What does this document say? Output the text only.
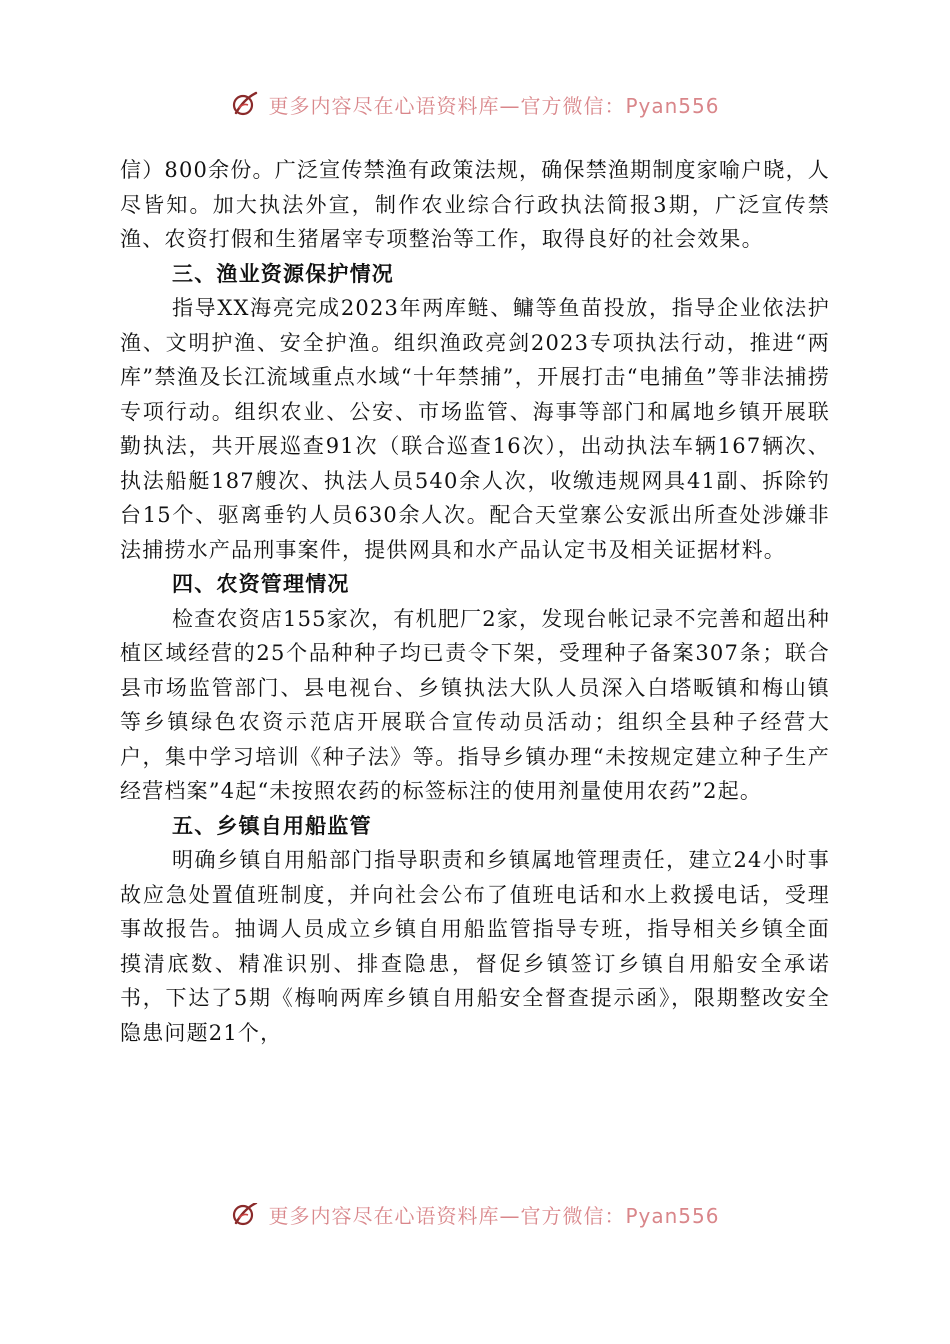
更多内容尽在心语资料库—官方微信：Pyan556

信）800余份。广泛宣传禁渔有政策法规，确保禁渔期制度家喻户晓，人尽皆知。加大执法外宣，制作农业综合行政执法简报3期，广泛宣传禁渔、农资打假和生猪屠宰专项整治等工作，取得良好的社会效果。

三、渔业资源保护情况

指导XX海亮完成2023年两库鲢、鳙等鱼苗投放，指导企业依法护渔、文明护渔、安全护渔。组织渔政亮剑2023专项执法行动，推进“两库”禁渔及长江流域重点水域“十年禁捕”，开展打击“电捕鱼”等非法捕捞专项行动。组织农业、公安、市场监管、海事等部门和属地乡镇开展联勤执法，共开展巡查91次（联合巡查16次），出动执法车辆167辆次、执法船艇187艘次、执法人员540余人次，收缴违规网具41副、拆除钓台15个、驱离垂钓人员630余人次。配合天堂寨公安派出所查处涉嫌非法捕捞水产品刑事案件，提供网具和水产品认定书及相关证据材料。

四、农资管理情况

检查农资店155家次，有机肥厂2家，发现台帐记录不完善和超出种植区域经营的25个品种种子均已责令下架，受理种子备案307条；联合县市场监管部门、县电视台、乡镇执法大队人员深入白塔畈镇和梅山镇等乡镇绿色农资示范店开展联合宣传动员活动；组织全县种子经营大户，集中学习培训《种子法》等。指导乡镇办理“未按规定建立种子生产经营档案”4起“未按照农药的标签标注的使用剂量使用农药”2起。

五、乡镇自用船监管

明确乡镇自用船部门指导职责和乡镇属地管理责任，建立24小时事故应急处置值班制度，并向社会公布了值班电话和水上救援电话，受理事故报告。抽调人员成立乡镇自用船监管指导专班，指导相关乡镇全面摸清底数、精准识别、排查隐患，督促乡镇签订乡镇自用船安全承诺书，下达了5期《梅响两库乡镇自用船安全督查提示函》，限期整改安全隐患问题21个，

更多内容尽在心语资料库—官方微信：Pyan556
